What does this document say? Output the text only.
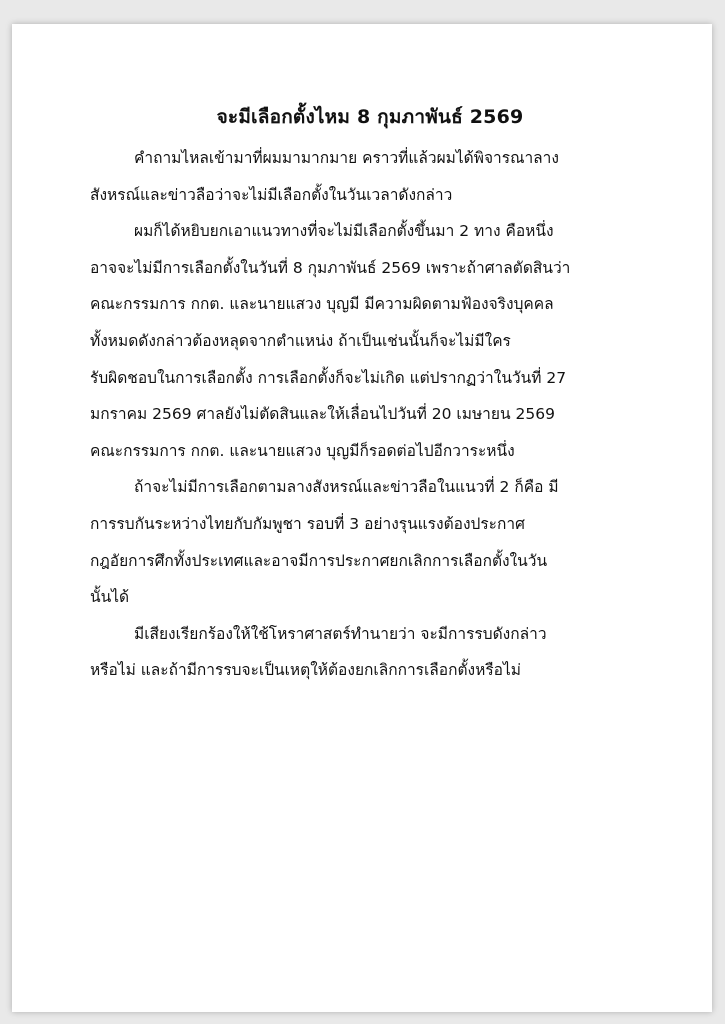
จะมีเลือกตั้งไหม 8 กุมภาพันธ์ 2569
คำถามไหลเข้ามาที่ผมมามากมาย คราวที่แล้วผมได้พิจารณาลาง
สังหรณ์และข่าวลือว่าจะไม่มีเลือกตั้งในวันเวลาดังกล่าว
ผมก็ได้หยิบยกเอาแนวทางที่จะไม่มีเลือกตั้งขึ้นมา 2 ทาง คือหนึ่ง
อาจจะไม่มีการเลือกตั้งในวันที่ 8 กุมภาพันธ์ 2569 เพราะถ้าศาลตัดสินว่า
คณะกรรมการ กกต. และนายแสวง บุญมี มีความผิดตามฟ้องจริงบุคคล
ทั้งหมดดังกล่าวต้องหลุดจากตำแหน่ง ถ้าเป็นเช่นนั้นก็จะไม่มีใคร
รับผิดชอบในการเลือกตั้ง การเลือกตั้งก็จะไม่เกิด แต่ปรากฏว่าในวันที่ 27
มกราคม 2569 ศาลยังไม่ตัดสินและให้เลื่อนไปวันที่ 20 เมษายน 2569
คณะกรรมการ กกต. และนายแสวง บุญมีก็รอดต่อไปอีกวาระหนึ่ง
ถ้าจะไม่มีการเลือกตามลางสังหรณ์และข่าวลือในแนวที่ 2 ก็คือ มี
การรบกันระหว่างไทยกับกัมพูชา รอบที่ 3 อย่างรุนแรงต้องประกาศ
กฎอัยการศึกทั้งประเทศและอาจมีการประกาศยกเลิกการเลือกตั้งในวัน
นั้นได้
มีเสียงเรียกร้องให้ใช้โหราศาสตร์ทำนายว่า จะมีการรบดังกล่าว
หรือไม่ และถ้ามีการรบจะเป็นเหตุให้ต้องยกเลิกการเลือกตั้งหรือไม่
